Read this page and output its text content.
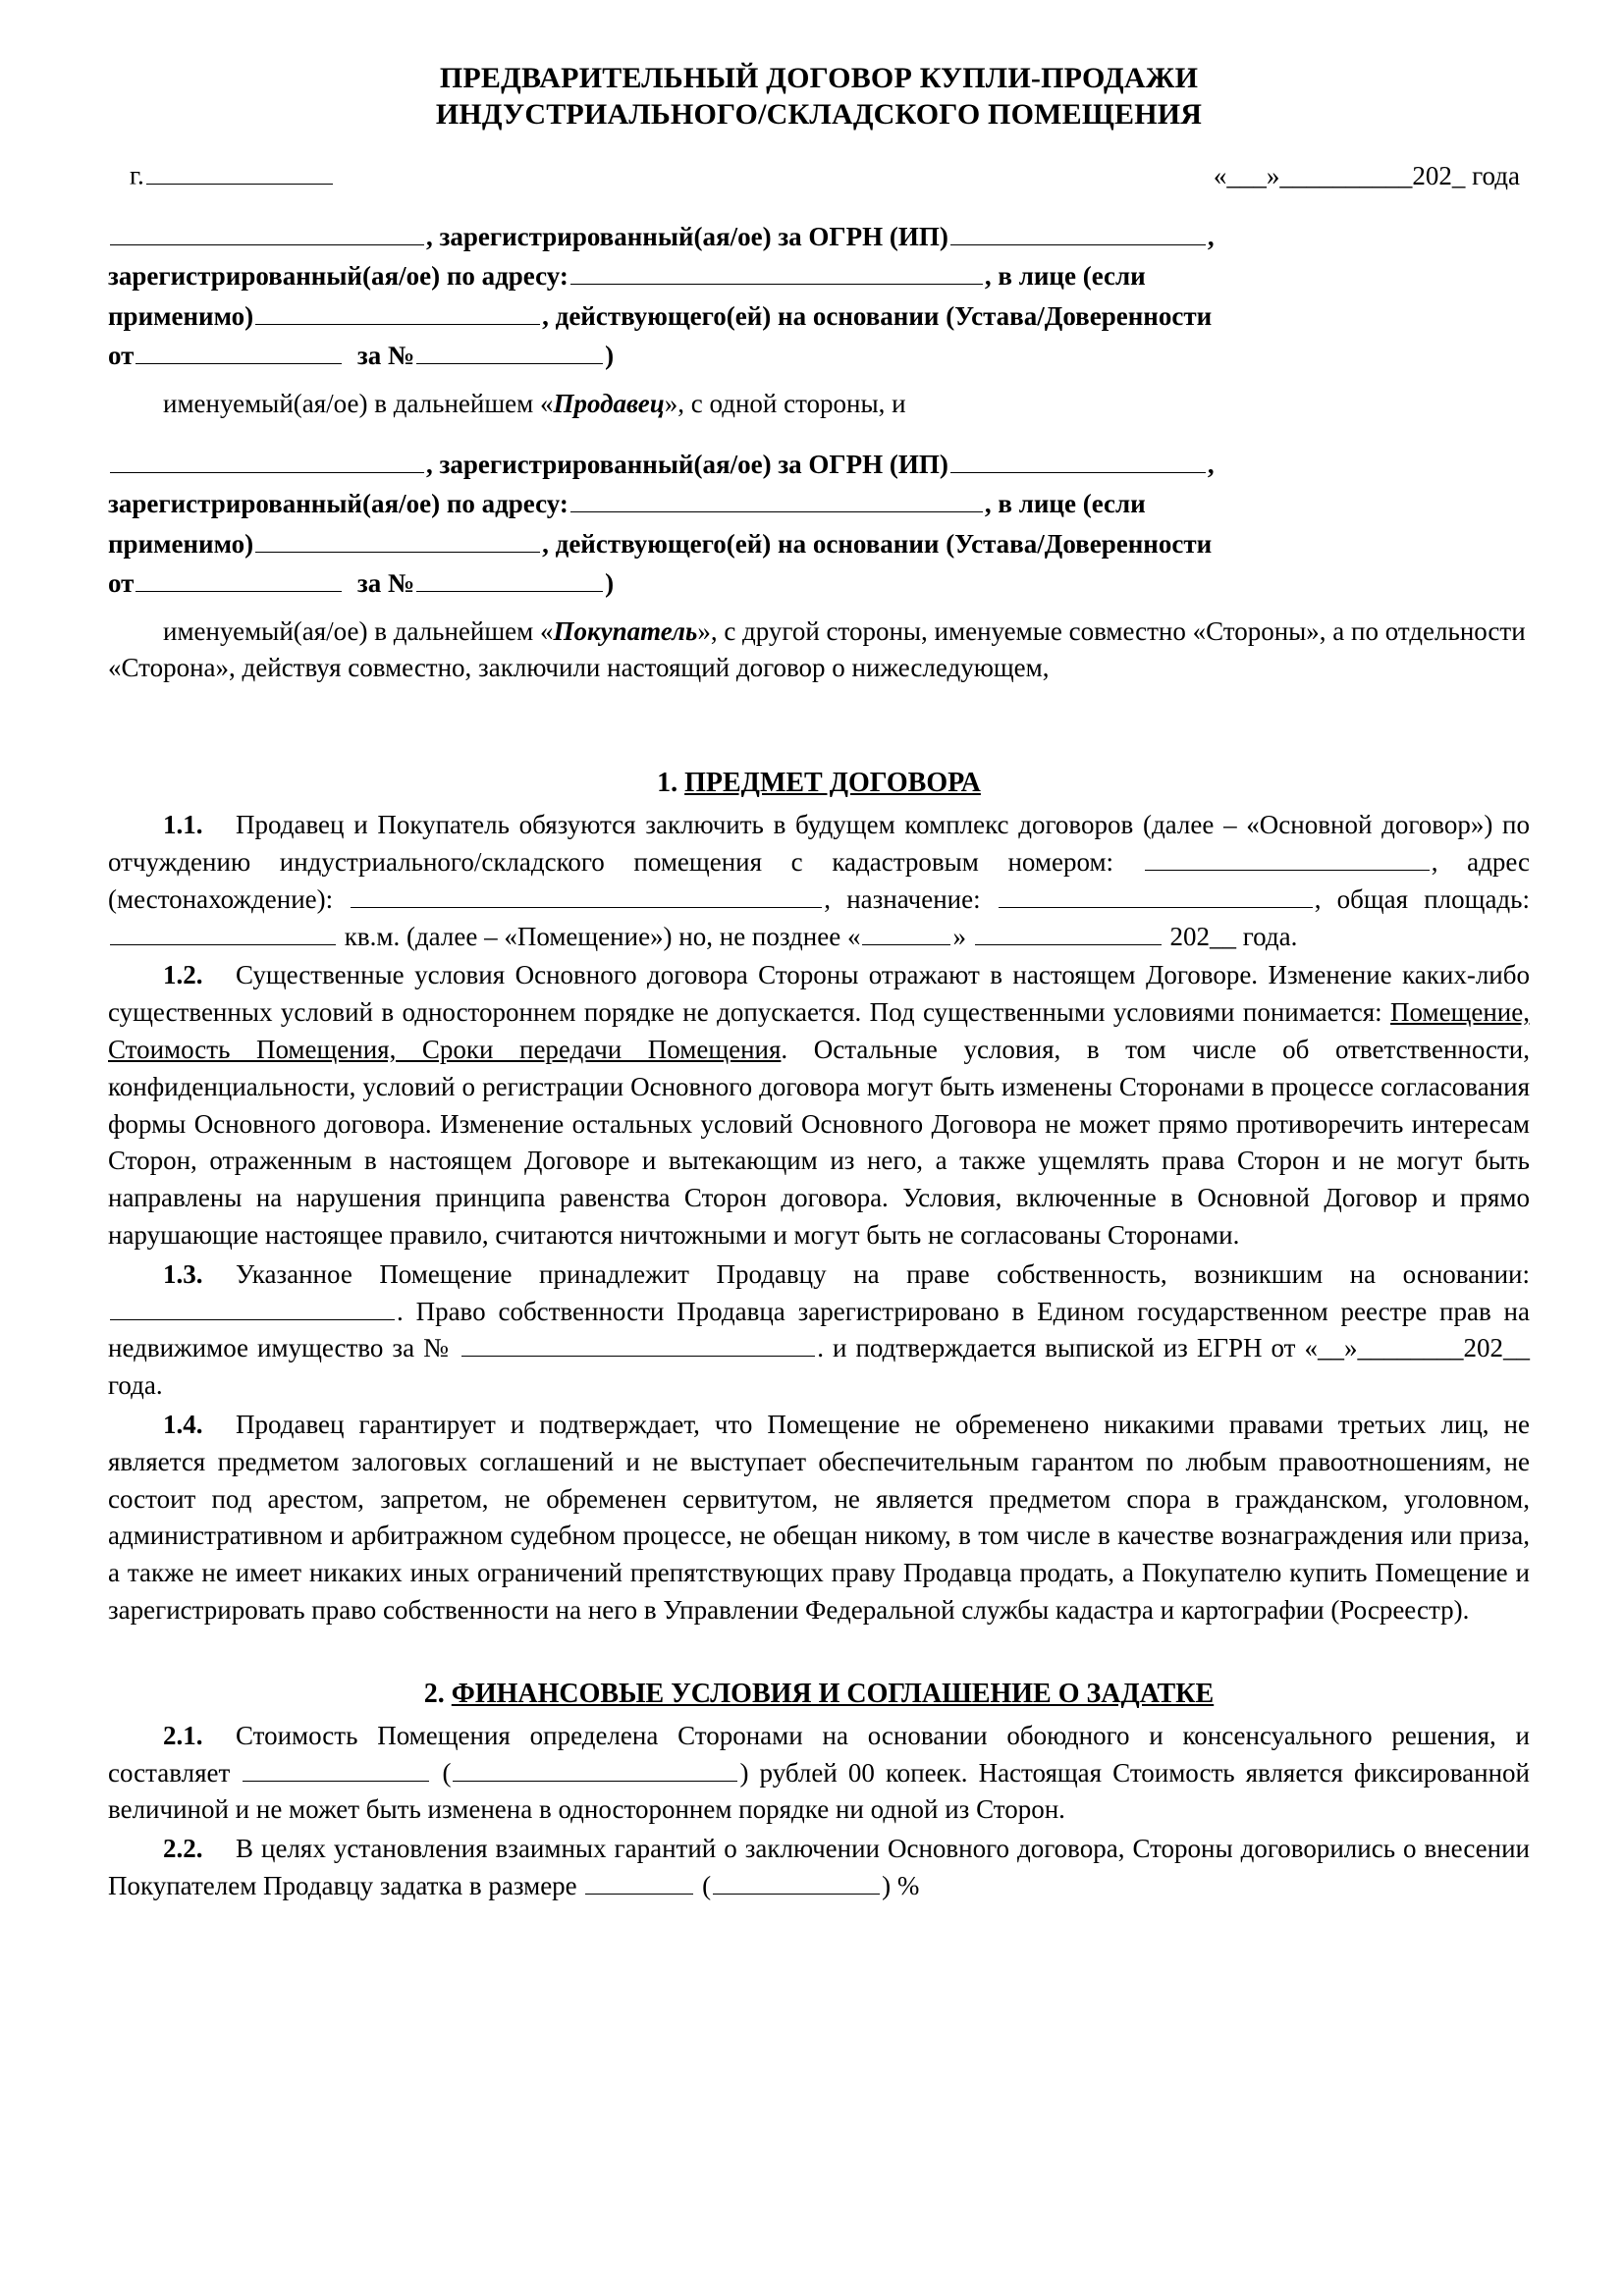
ПРЕДВАРИТЕЛЬНЫЙ ДОГОВОР КУПЛИ-ПРОДАЖИ
ИНДУСТРИАЛЬНОГО/СКЛАДСКОГО ПОМЕЩЕНИЯ
г.	«___»__________202_ года
, зарегистрированный(ая/ое) за ОГРН (ИП)	,
зарегистрированный(ая/ое) по адресу:	, в лице (если
применимо)	, действующего(ей) на основании (Устава/Доверенности
от	за №	)
именуемый(ая/ое) в дальнейшем «Продавец», с одной стороны, и
, зарегистрированный(ая/ое) за ОГРН (ИП)	,
зарегистрированный(ая/ое) по адресу:	, в лице (если
применимо)	, действующего(ей) на основании (Устава/Доверенности
от	за №	)
именуемый(ая/ое) в дальнейшем «Покупатель», с другой стороны, именуемые совместно «Стороны», а по отдельности «Сторона», действуя совместно, заключили настоящий договор о нижеследующем,
1. ПРЕДМЕТ ДОГОВОРА

1.1. Продавец и Покупатель обязуются заключить в будущем комплекс договоров (далее – «Основной договор») по отчуждению индустриального/складского помещения с кадастровым номером:	, адрес (местонахождение):	, назначение:	, общая площадь:  кв.м. (далее – «Помещение») но, не позднее «	»	202__ года.

1.2. Существенные условия Основного договора Стороны отражают в настоящем Договоре. Изменение каких-либо существенных условий в одностороннем порядке не допускается. Под существенными условиями понимается: Помещение, Стоимость Помещения, Сроки передачи Помещения. Остальные условия, в том числе об ответственности, конфиденциальности, условий о регистрации Основного договора могут быть изменены Сторонами в процессе согласования формы Основного договора. Изменение остальных условий Основного Договора не может прямо противоречить интересам Сторон, отраженным в настоящем Договоре и вытекающим из него, а также ущемлять права Сторон и не могут быть направлены на нарушения принципа равенства Сторон договора. Условия, включенные в Основной Договор и прямо нарушающие настоящее правило, считаются ничтожными и могут быть не согласованы Сторонами.

1.3. Указанное Помещение принадлежит Продавцу на праве собственность, возникшим на основании: . Право собственности Продавца зарегистрировано в Едином государственном реестре прав на недвижимое имущество за №	. и подтверждается выпиской из ЕГРН от «__»________202__ года.

1.4. Продавец гарантирует и подтверждает, что Помещение не обременено никакими правами третьих лиц, не является предметом залоговых соглашений и не выступает обеспечительным гарантом по любым правоотношениям, не состоит под арестом, запретом, не обременен сервитутом, не является предметом спора в гражданском, уголовном, административном и арбитражном судебном процессе, не обещан никому, в том числе в качестве вознаграждения или приза, а также не имеет никаких иных ограничений препятствующих праву Продавца продать, а Покупателю купить Помещение и зарегистрировать право собственности на него в Управлении Федеральной службы кадастра и картографии (Росреестр).

2. ФИНАНСОВЫЕ УСЛОВИЯ И СОГЛАШЕНИЕ О ЗАДАТКЕ

2.1. Стоимость Помещения определена Сторонами на основании обоюдного и консенсуального решения, и составляет	(	) рублей 00 копеек. Настоящая Стоимость является фиксированной величиной и не может быть изменена в одностороннем порядке ни одной из Сторон.

2.2. В целях установления взаимных гарантий о заключении Основного договора, Стороны договорились о внесении Покупателем Продавцу задатка в размере	(	) %
